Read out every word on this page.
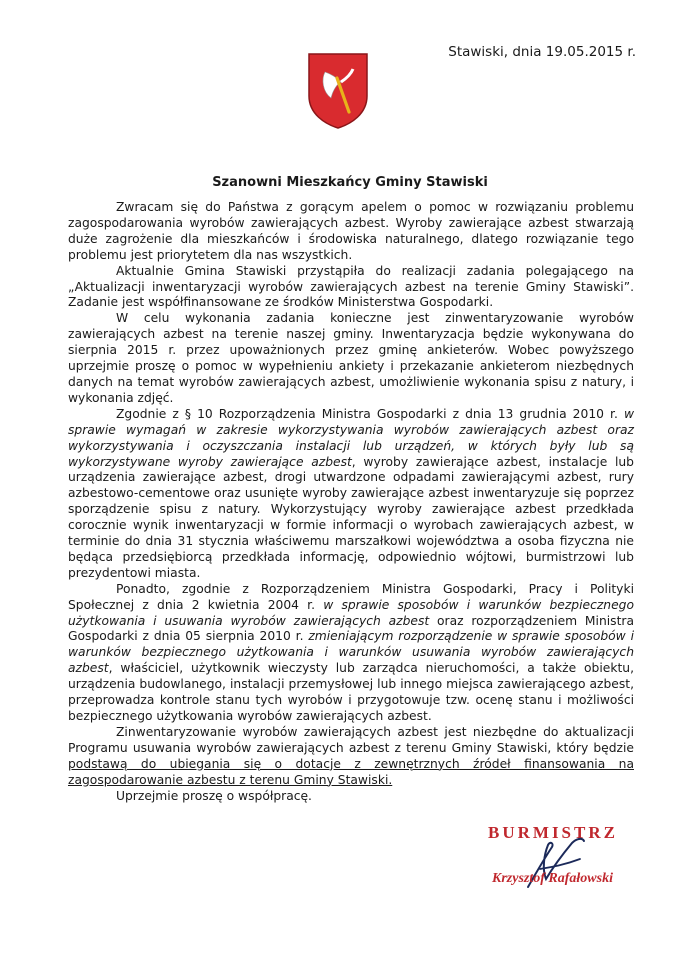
Stawiski, dnia 19.05.2015 r.
Szanowni Mieszkańcy Gminy Stawiski

Zwracam się do Państwa z gorącym apelem o pomoc w rozwiązaniu problemu zagospodarowania wyrobów zawierających azbest. Wyroby zawierające azbest stwarzają duże zagrożenie dla mieszkańców i środowiska naturalnego, dlatego rozwiązanie tego problemu jest priorytetem dla nas wszystkich.

Aktualnie Gmina Stawiski przystąpiła do realizacji zadania polegającego na „Aktualizacji inwentaryzacji wyrobów zawierających azbest na terenie Gminy Stawiski”. Zadanie jest współfinansowane ze środków Ministerstwa Gospodarki.

W celu wykonania zadania konieczne jest zinwentaryzowanie wyrobów zawierających azbest na terenie naszej gminy. Inwentaryzacja będzie wykonywana do sierpnia 2015 r. przez upoważnionych przez gminę ankieterów. Wobec powyższego uprzejmie proszę o pomoc w wypełnieniu ankiety i przekazanie ankieterom niezbędnych danych na temat wyrobów zawierających azbest, umożliwienie wykonania spisu z natury, i wykonania zdjęć.

Zgodnie z § 10 Rozporządzenia Ministra Gospodarki z dnia 13 grudnia 2010 r. w sprawie wymagań w zakresie wykorzystywania wyrobów zawierających azbest oraz wykorzystywania i oczyszczania instalacji lub urządzeń, w których były lub są wykorzystywane wyroby zawierające azbest, wyroby zawierające azbest, instalacje lub urządzenia zawierające azbest, drogi utwardzone odpadami zawierającymi azbest, rury azbestowo-cementowe oraz usunięte wyroby zawierające azbest inwentaryzuje się poprzez sporządzenie spisu z natury. Wykorzystujący wyroby zawierające azbest przedkłada corocznie wynik inwentaryzacji w formie informacji o wyrobach zawierających azbest, w terminie do dnia 31 stycznia właściwemu marszałkowi województwa a osoba fizyczna nie będąca przedsiębiorcą przedkłada informację, odpowiednio wójtowi, burmistrzowi lub prezydentowi miasta.

Ponadto, zgodnie z Rozporządzeniem Ministra Gospodarki, Pracy i Polityki Społecznej z dnia 2 kwietnia 2004 r. w sprawie sposobów i warunków bezpiecznego użytkowania i usuwania wyrobów zawierających azbest oraz rozporządzeniem Ministra Gospodarki z dnia 05 sierpnia 2010 r. zmieniającym rozporządzenie w sprawie sposobów i warunków bezpiecznego użytkowania i warunków usuwania wyrobów zawierających azbest, właściciel, użytkownik wieczysty lub zarządca nieruchomości, a także obiektu, urządzenia budowlanego, instalacji przemysłowej lub innego miejsca zawierającego azbest, przeprowadza kontrole stanu tych wyrobów i przygotowuje tzw. ocenę stanu i możliwości bezpiecznego użytkowania wyrobów zawierających azbest.

Zinwentaryzowanie wyrobów zawierających azbest jest niezbędne do aktualizacji Programu usuwania wyrobów zawierających azbest z terenu Gminy Stawiski, który będzie podstawą do ubiegania się o dotacje z zewnętrznych źródeł finansowania na zagospodarowanie azbestu z terenu Gminy Stawiski.

Uprzejmie proszę o współpracę.

BURMISTRZ
Krzysztof Rafałowski
